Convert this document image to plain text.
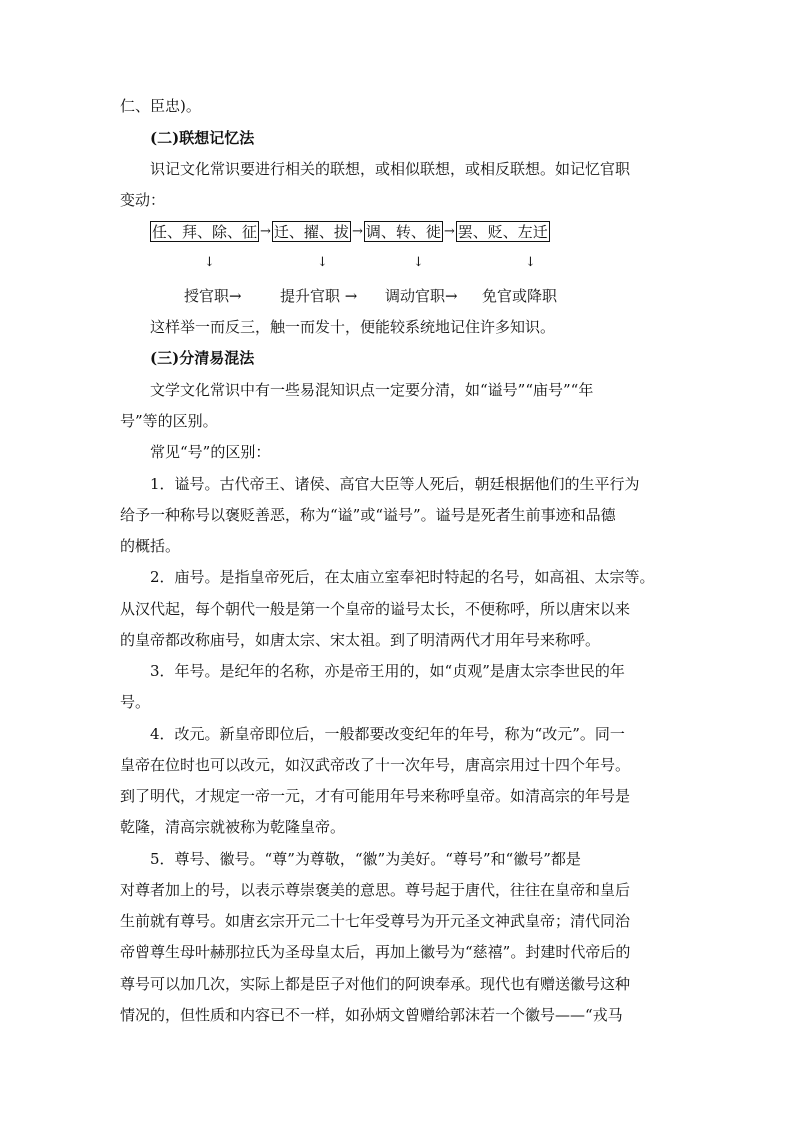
仁、臣忠)。
(二)联想记忆法
识记文化常识要进行相关的联想，或相似联想，或相反联想。如记忆官职
变动：
任、拜、除、征 → 迁、擢、拔 → 调、转、徙 → 罢、贬、左迁
↓	↓	↓	↓
授官职→	提升官职 → 调动官职→ 免官或降职
这样举一而反三，触一而发十，便能较系统地记住许多知识。
(三)分清易混法
文学文化常识中有一些易混知识点一定要分清，如“谥号”“庙号”“年
号”等的区别。
常见“号”的区别：
1．谥号。古代帝王、诸侯、高官大臣等人死后，朝廷根据他们的生平行为
给予一种称号以褒贬善恶，称为“谥”或“谥号”。谥号是死者生前事迹和品德
的概括。
2．庙号。是指皇帝死后，在太庙立室奉祀时特起的名号，如高祖、太宗等。
从汉代起，每个朝代一般是第一个皇帝的谥号太长，不便称呼，所以唐宋以来
的皇帝都改称庙号，如唐太宗、宋太祖。到了明清两代才用年号来称呼。
3．年号。是纪年的名称，亦是帝王用的，如“贞观”是唐太宗李世民的年
号。
4．改元。新皇帝即位后，一般都要改变纪年的年号，称为“改元”。同一
皇帝在位时也可以改元，如汉武帝改了十一次年号，唐高宗用过十四个年号。
到了明代，才规定一帝一元，才有可能用年号来称呼皇帝。如清高宗的年号是
乾隆，清高宗就被称为乾隆皇帝。
5．尊号、徽号。“尊”为尊敬，“徽”为美好。“尊号”和“徽号”都是
对尊者加上的号，以表示尊崇褒美的意思。尊号起于唐代，往往在皇帝和皇后
生前就有尊号。如唐玄宗开元二十七年受尊号为开元圣文神武皇帝；清代同治
帝曾尊生母叶赫那拉氏为圣母皇太后，再加上徽号为“慈禧”。封建时代帝后的
尊号可以加几次，实际上都是臣子对他们的阿谀奉承。现代也有赠送徽号这种
情况的，但性质和内容已不一样，如孙炳文曾赠给郭沫若一个徽号——“戎马
